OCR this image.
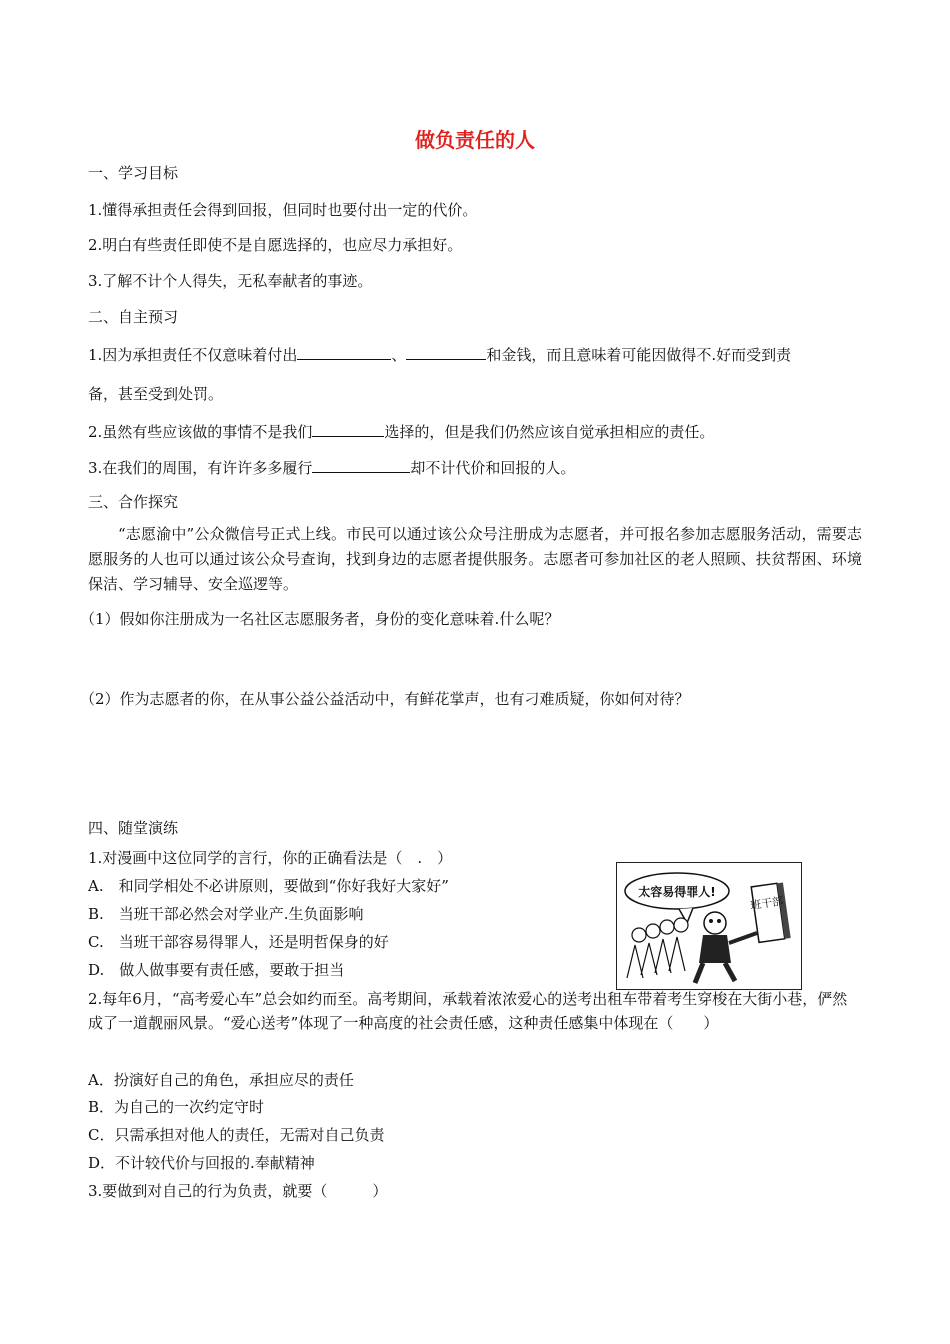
做负责任的人
一、学习目标
1.懂得承担责任会得到回报，但同时也要付出一定的代价。
2.明白有些责任即使不是自愿选择的，也应尽力承担好。
3.了解不计个人得失，无私奉献者的事迹。
二、自主预习
1.因为承担责任不仅意味着付出	、	和金钱，而且意味着可能因做得不.好而受到责
备，甚至受到处罚。
2.虽然有些应该做的事情不是我们	选择的，但是我们仍然应该自觉承担相应的责任。
3.在我们的周围，有许许多多履行	却不计代价和回报的人。
三、合作探究
“志愿渝中”公众微信号正式上线。市民可以通过该公众号注册成为志愿者，并可报名参加志愿服务活动，需要志愿服务的人也可以通过该公众号查询，找到身边的志愿者提供服务。志愿者可参加社区的老人照顾、扶贫帮困、环境保洁、学习辅导、安全巡逻等。
（1）假如你注册成为一名社区志愿服务者，身份的变化意味着.什么呢？
（2）作为志愿者的你，在从事公益公益活动中，有鲜花掌声，也有刁难质疑，你如何对待？
四、随堂演练
1.对漫画中这位同学的言行，你的正确看法是（　.　）
A.　和同学相处不必讲原则，要做到“你好我好大家好”
B.　当班干部必然会对学业产.生负面影响
C.　当班干部容易得罪人，还是明哲保身的好
D.　做人做事要有责任感，要敢于担当
太容易得罪人!
班干部
2.每年6月，“高考爱心车”总会如约而至。高考期间，承载着浓浓爱心的送考出租车带着考生穿梭在大街小巷，俨然成了一道靓丽风景。“爱心送考”体现了一种高度的社会责任感，这种责任感集中体现在（　　）
A．扮演好自己的角色，承担应尽的责任
B．为自己的一次约定守时
C．只需承担对他人的责任，无需对自己负责
D．不计较代价与回报的.奉献精神
3.要做到对自己的行为负责，就要（　　　）
